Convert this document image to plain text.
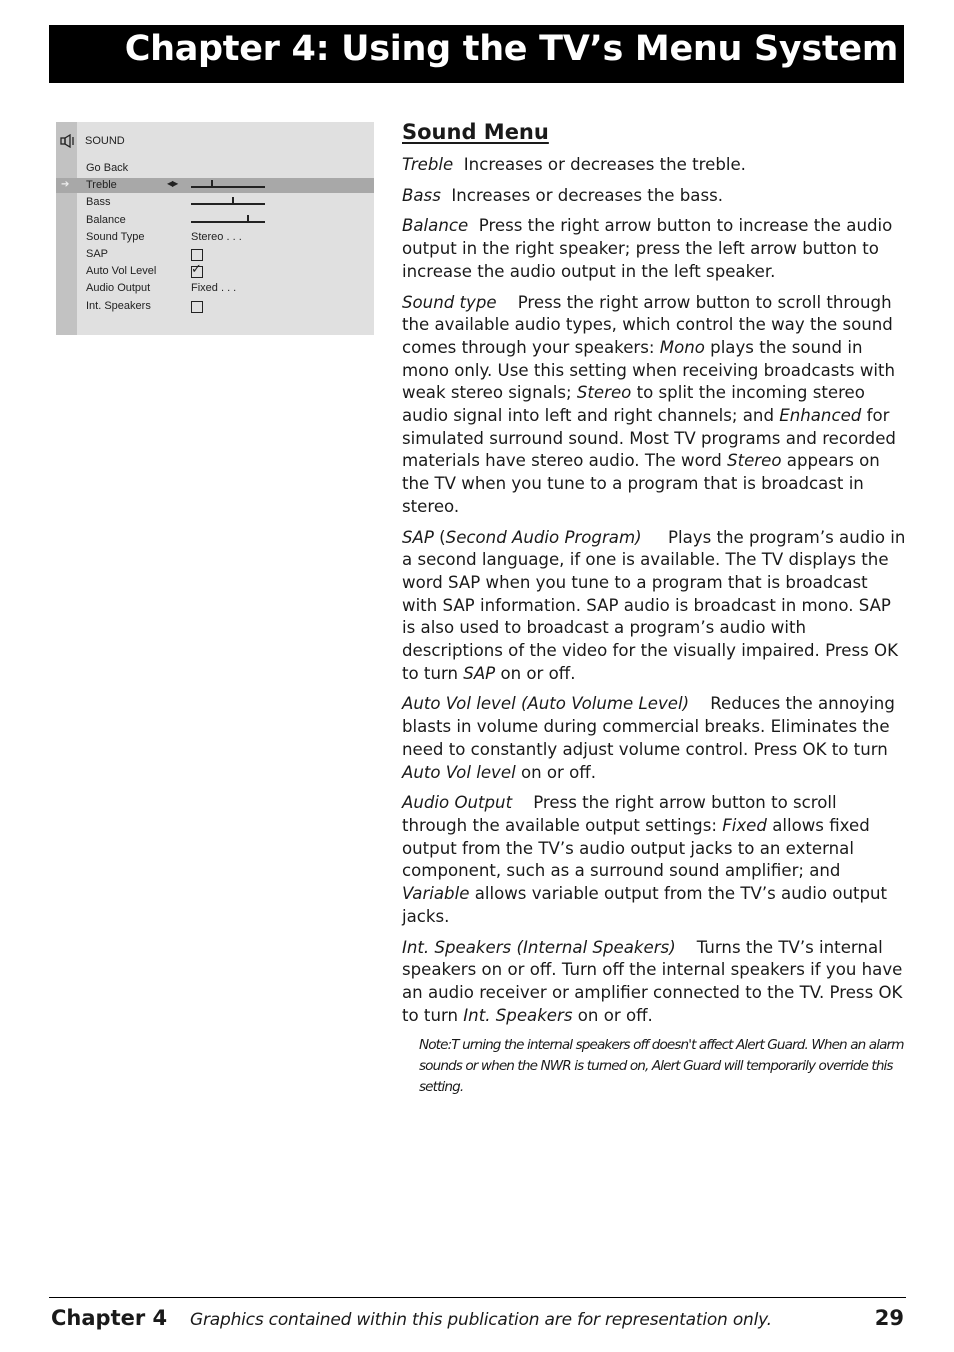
Chapter 4: Using the TV’s Menu System
SOUND
Go Back
Treble
➔	◀▶
Bass
Balance
Sound Type	Stereo . . .
SAP
Auto Vol Level	✓
Audio Output	Fixed . . .
Int. Speakers
Sound Menu

Treble  Increases or decreases the treble.

Bass  Increases or decreases the bass.

Balance  Press the right arrow button to increase the audio output in the right speaker; press the left arrow button to increase the audio output in the left speaker.

Sound type    Press the right arrow button to scroll through the available audio types, which control the way the sound comes through your speakers: Mono plays the sound in mono only. Use this setting when receiving broadcasts with weak stereo signals; Stereo to split the incoming stereo audio signal into left and right channels; and Enhanced for simulated surround sound. Most TV programs and recorded materials have stereo audio. The word Stereo appears on the TV when you tune to a program that is broadcast in stereo.

SAP (Second Audio Program)     Plays the program’s audio in a second language, if one is available. The TV displays the word SAP when you tune to a program that is broadcast with SAP information. SAP audio is broadcast in mono. SAP is also used to broadcast a program’s audio with descriptions of the video for the visually impaired. Press OK to turn SAP on or off.

Auto Vol level (Auto Volume Level)    Reduces the annoying blasts in volume during commercial breaks. Eliminates the need to constantly adjust volume control. Press OK to turn Auto Vol level on or off.

Audio Output    Press the right arrow button to scroll through the available output settings: Fixed allows fixed output from the TV’s audio output jacks to an external component, such as a surround sound amplifier; and Variable allows variable output from the TV’s audio output jacks.

Int. Speakers (Internal Speakers)    Turns the TV’s internal speakers on or off. Turn off the internal speakers if you have an audio receiver or amplifier connected to the TV. Press OK to turn Int. Speakers on or off.

Note:T urning the internal speakers off doesn't affect Alert Guard. When an alarm sounds or when the NWR is turned on, Alert Guard will temporarily override this setting.
Chapter 4 Graphics contained within this publication are for representation only.	29
